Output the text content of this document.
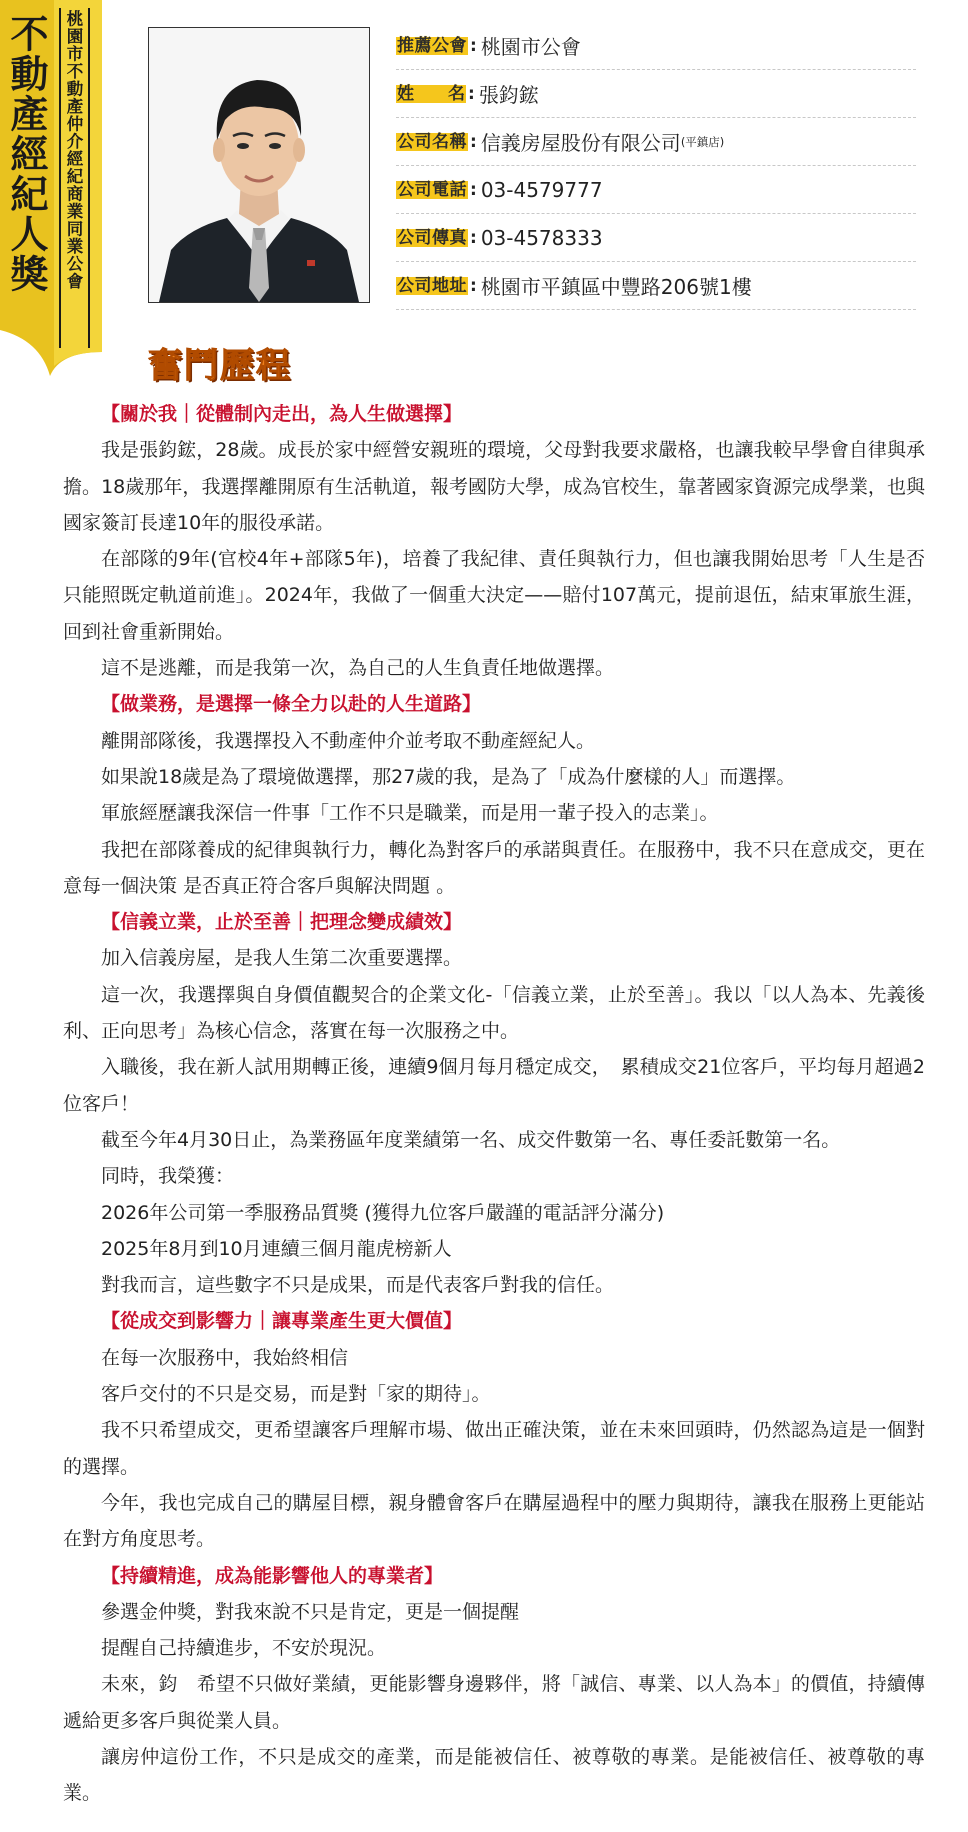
不動產經紀人獎 桃園市不動產仲介經紀商業同業公會	推薦公會 : 桃園市公會
姓　　名 : 張鈞鋐
公司名稱 : 信義房屋股份有限公司 (平鎮店)
公司電話 : 03-4579777
公司傳真 : 03-4578333
公司地址 : 桃園市平鎮區中豐路206號1樓
奮鬥歷程

【關於我｜從體制內走出，為人生做選擇】

我是張鈞鋐，28歲。成長於家中經營安親班的環境，父母對我要求嚴格，也讓我較早學會自律與承擔。18歲那年，我選擇離開原有生活軌道，報考國防大學，成為官校生，靠著國家資源完成學業，也與國家簽訂長達10年的服役承諾。

在部隊的9年(官校4年+部隊5年)，培養了我紀律、責任與執行力，但也讓我開始思考「人生是否只能照既定軌道前進」。2024年，我做了一個重大決定——賠付107萬元，提前退伍，結束軍旅生涯，回到社會重新開始。

這不是逃離，而是我第一次，為自己的人生負責任地做選擇。

【做業務，是選擇一條全力以赴的人生道路】

離開部隊後，我選擇投入不動產仲介並考取不動產經紀人。

如果說18歲是為了環境做選擇，那27歲的我，是為了「成為什麼樣的人」而選擇。

軍旅經歷讓我深信一件事「工作不只是職業，而是用一輩子投入的志業」。

我把在部隊養成的紀律與執行力，轉化為對客戶的承諾與責任。在服務中，我不只在意成交，更在意每一個決策 是否真正符合客戶與解決問題 。

【信義立業，止於至善｜把理念變成績效】

加入信義房屋，是我人生第二次重要選擇。

這一次，我選擇與自身價值觀契合的企業文化-「信義立業，止於至善」。我以「以人為本、先義後利、正向思考」為核心信念，落實在每一次服務之中。

入職後，我在新人試用期轉正後，連續9個月每月穩定成交，　累積成交21位客戶，平均每月超過2位客戶！

截至今年4月30日止，為業務區年度業績第一名、成交件數第一名、專任委託數第一名。

同時，我榮獲：

2026年公司第一季服務品質獎 (獲得九位客戶嚴謹的電話評分滿分)

2025年8月到10月連續三個月龍虎榜新人

對我而言，這些數字不只是成果，而是代表客戶對我的信任。

【從成交到影響力｜讓專業產生更大價值】

在每一次服務中，我始終相信

客戶交付的不只是交易，而是對「家的期待」。

我不只希望成交，更希望讓客戶理解市場、做出正確決策，並在未來回頭時，仍然認為這是一個對的選擇。

今年，我也完成自己的購屋目標，親身體會客戶在購屋過程中的壓力與期待，讓我在服務上更能站在對方角度思考。

【持續精進，成為能影響他人的專業者】

參選金仲獎，對我來說不只是肯定，更是一個提醒

提醒自己持續進步，不安於現況。

未來，鈞　希望不只做好業績，更能影響身邊夥伴，將「誠信、專業、以人為本」的價值，持續傳遞給更多客戶與從業人員。

讓房仲這份工作，不只是成交的產業，而是能被信任、被尊敬的專業。是能被信任、被尊敬的專業。
